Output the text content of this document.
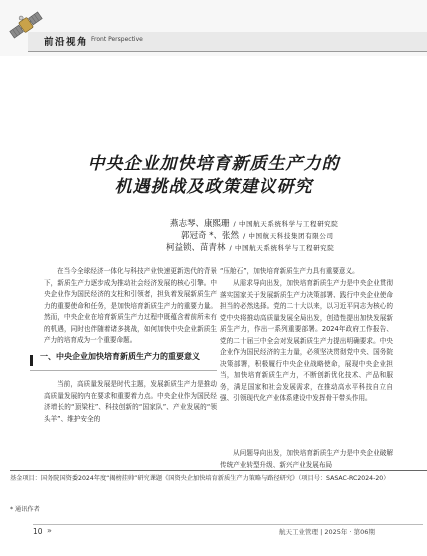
前沿视角 Front Perspective
中央企业加快培育新质生产力的
机遇挑战及政策建议研究
燕志琴、康熙珊 / 中国航天系统科学与工程研究院
郭冠奇 *、张然 / 中国航天科技集团有限公司
柯益锁、苗青林 / 中国航天系统科学与工程研究院

在当今全球经济一体化与科技产业快速更新迭代的背景下，新质生产力逐步成为推动社会经济发展的核心引擎。中央企业作为国民经济的支柱和引领者，担负着发展新质生产力的重要使命和任务，是加快培育新质生产力的重要力量。然而，中央企业在培育新质生产力过程中既蕴含着前所未有的机遇，同时也伴随着诸多挑战，如何加快中央企业新质生产力的培育成为一个重要命题。

一、中央企业加快培育新质生产力的重要意义

当前，高质量发展是时代主题，发展新质生产力是推动高质量发展的内在要求和重要着力点。中央企业作为国民经济增长的“顶梁柱”、科技创新的“国家队”、产业发展的“领头羊”、维护安全的

“压舱石”，加快培育新质生产力具有重要意义。

从需求导向出发，加快培育新质生产力是中央企业贯彻落实国家关于发展新质生产力决策部署、践行中央企业使命担当的必然选择。党的二十大以来，以习近平同志为核心的党中央将推动高质量发展全局出发，创造性提出加快发展新质生产力，作出一系列重要部署。2024年政府工作报告、党的二十届三中全会对发展新质生产力提出明确要求。中央企业作为国民经济的主力量，必须坚决贯彻党中央、国务院决策部署，积极履行中央企业战略使命，展现中央企业担当，加快培育新质生产力，不断创新优化技术、产品和服务，满足国家和社会发展需求，在推动高水平科技自立自强、引领现代化产业体系建设中发挥骨干带头作用。

从问题导向出发，加快培育新质生产力是中央企业破解传统产业转型升级、新兴产业发展布局

基金项目：国务院国资委2024年度“揭榜挂帅”研究课题《国资央企加快培育新质生产力策略与路径研究》（项目号：SASAC-RC2024-20）
* 通讯作者
10 »	航天工业管理 | 2025年 · 第06期
